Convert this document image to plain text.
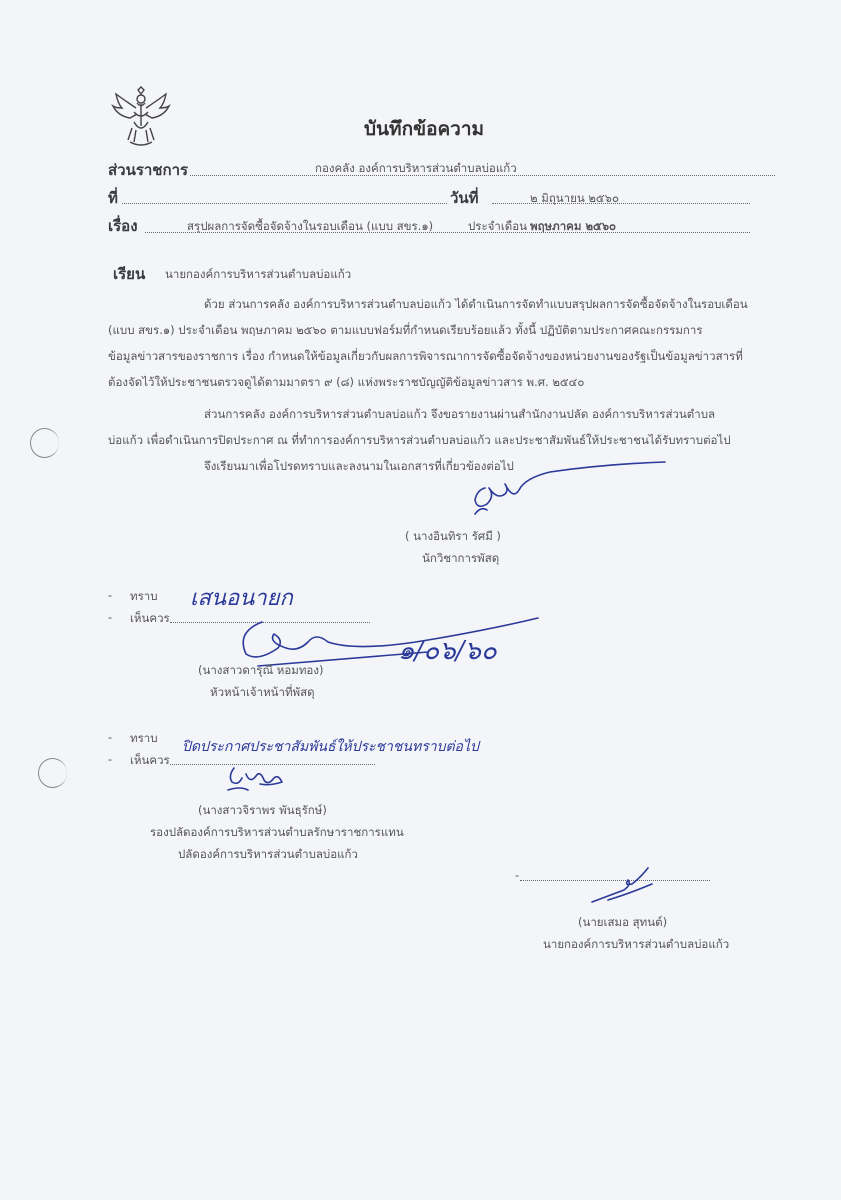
บันทึกข้อความ
ส่วนราชการ	กองคลัง องค์การบริหารส่วนตำบลบ่อแก้ว
ที่	วันที่	๒ มิถุนายน ๒๕๖๐
เรื่อง	สรุปผลการจัดซื้อจัดจ้างในรอบเดือน (แบบ สขร.๑)	ประจำเดือน พฤษภาคม ๒๕๖๐
เรียน นายกองค์การบริหารส่วนตำบลบ่อแก้ว
ด้วย ส่วนการคลัง องค์การบริหารส่วนตำบลบ่อแก้ว ได้ดำเนินการจัดทำแบบสรุปผลการจัดซื้อจัดจ้างในรอบเดือน
(แบบ สขร.๑) ประจำเดือน พฤษภาคม ๒๕๖๐ ตามแบบฟอร์มที่กำหนดเรียบร้อยแล้ว ทั้งนี้ ปฏิบัติตามประกาศคณะกรรมการ
ข้อมูลข่าวสารของราชการ เรื่อง กำหนดให้ข้อมูลเกี่ยวกับผลการพิจารณาการจัดซื้อจัดจ้างของหน่วยงานของรัฐเป็นข้อมูลข่าวสารที่
ต้องจัดไว้ให้ประชาชนตรวจดูได้ตามมาตรา ๙ (๘) แห่งพระราชบัญญัติข้อมูลข่าวสาร พ.ศ. ๒๕๔๐
ส่วนการคลัง องค์การบริหารส่วนตำบลบ่อแก้ว จึงขอรายงานผ่านสำนักงานปลัด องค์การบริหารส่วนตำบล
บ่อแก้ว เพื่อดำเนินการปิดประกาศ ณ ที่ทำการองค์การบริหารส่วนตำบลบ่อแก้ว และประชาสัมพันธ์ให้ประชาชนได้รับทราบต่อไป
จึงเรียนมาเพื่อโปรดทราบและลงนามในเอกสารที่เกี่ยวข้องต่อไป
( นางอินทิรา รัศมี )
นักวิชาการพัสดุ
- ทราบ
- เห็นควร
เสนอนายก
๑/๐๖/๖๐
(นางสาวดารุณี หอมทอง)
หัวหน้าเจ้าหน้าที่พัสดุ
- ทราบ
- เห็นควร
ปิดประกาศประชาสัมพันธ์ให้ประชาชนทราบต่อไป
(นางสาวจิราพร พันธุรักษ์)
รองปลัดองค์การบริหารส่วนตำบลรักษาราชการแทน
ปลัดองค์การบริหารส่วนตำบลบ่อแก้ว
-
(นายเสมอ สุทนต์)
นายกองค์การบริหารส่วนตำบลบ่อแก้ว
